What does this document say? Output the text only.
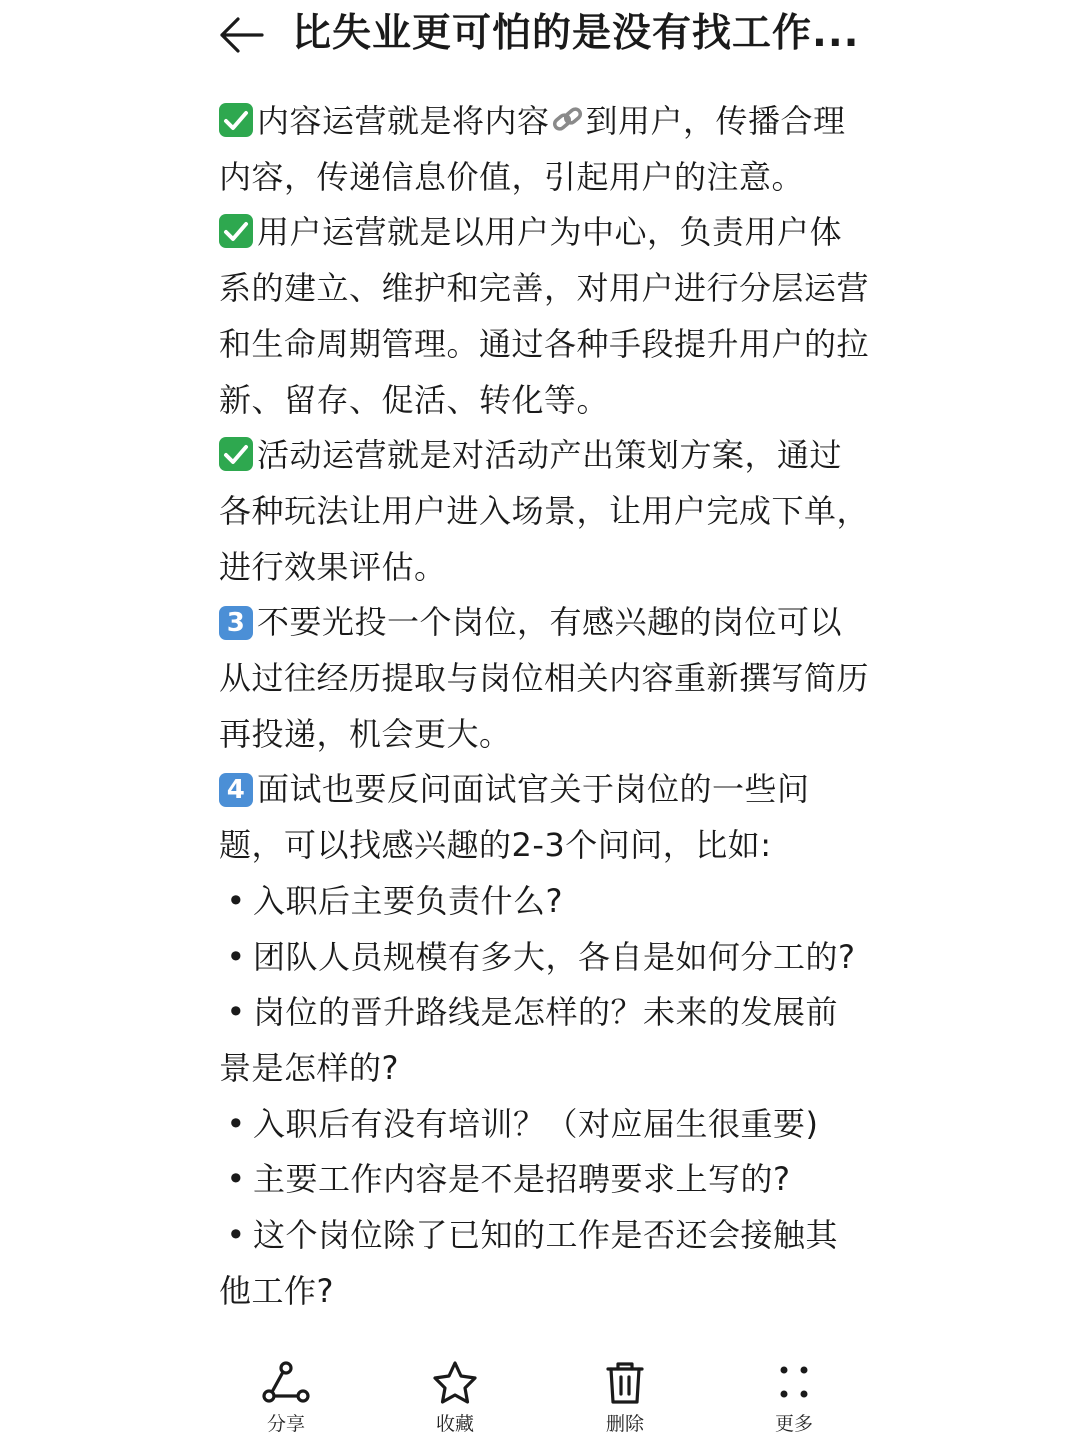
比失业更可怕的是没有找工作...

内容运营就是将内容 到用户，传播合理内容，传递信息价值，引起用户的注意。

用户运营就是以用户为中心，负责用户体系的建立、维护和完善，对用户进行分层运营和生命周期管理。通过各种手段提升用户的拉新、留存、促活、转化等。

活动运营就是对活动产出策划方案，通过各种玩法让用户进入场景，让用户完成下单，进行效果评估。

3 不要光投一个岗位，有感兴趣的岗位可以从过往经历提取与岗位相关内容重新撰写简历再投递，机会更大。

4 面试也要反问面试官关于岗位的一些问题，可以找感兴趣的2-3个问问，比如:

• 入职后主要负责什么?

• 团队人员规模有多大，各自是如何分工的?

• 岗位的晋升路线是怎样的？未来的发展前景是怎样的?

• 入职后有没有培训？（对应届生很重要)

• 主要工作内容是不是招聘要求上写的?

• 这个岗位除了已知的工作是否还会接触其他工作?

分享	收藏	删除	更多
